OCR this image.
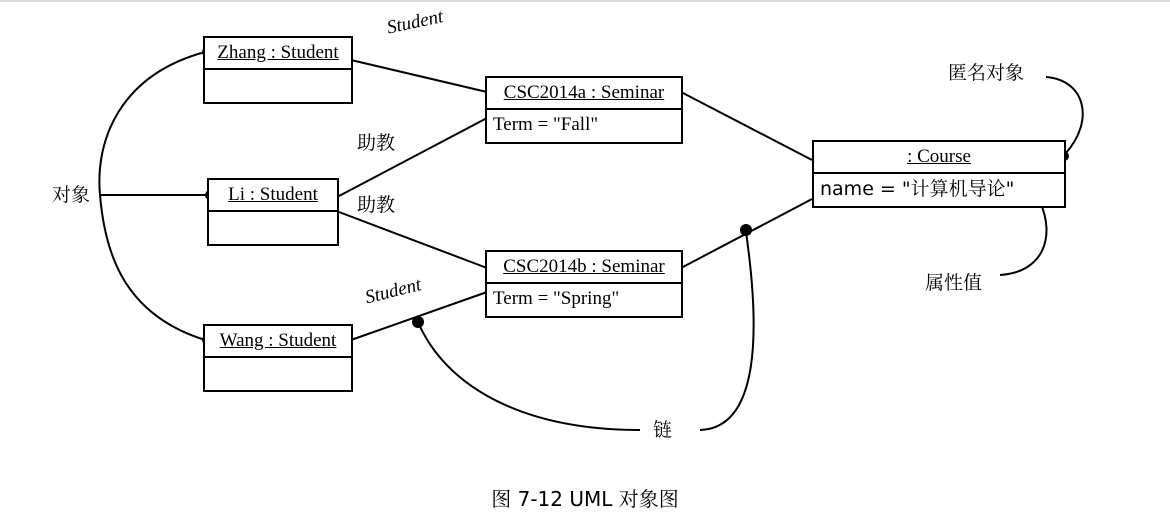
Zhang : Student
Li : Student
Wang : Student
CSC2014a : Seminar
Term = "Fall"
CSC2014b : Seminar
Term = "Spring"
: Course
name = "计算机导论"
Student
助教
助教
Student
对象
匿名对象
属性值
链
图 7-12 UML 对象图
